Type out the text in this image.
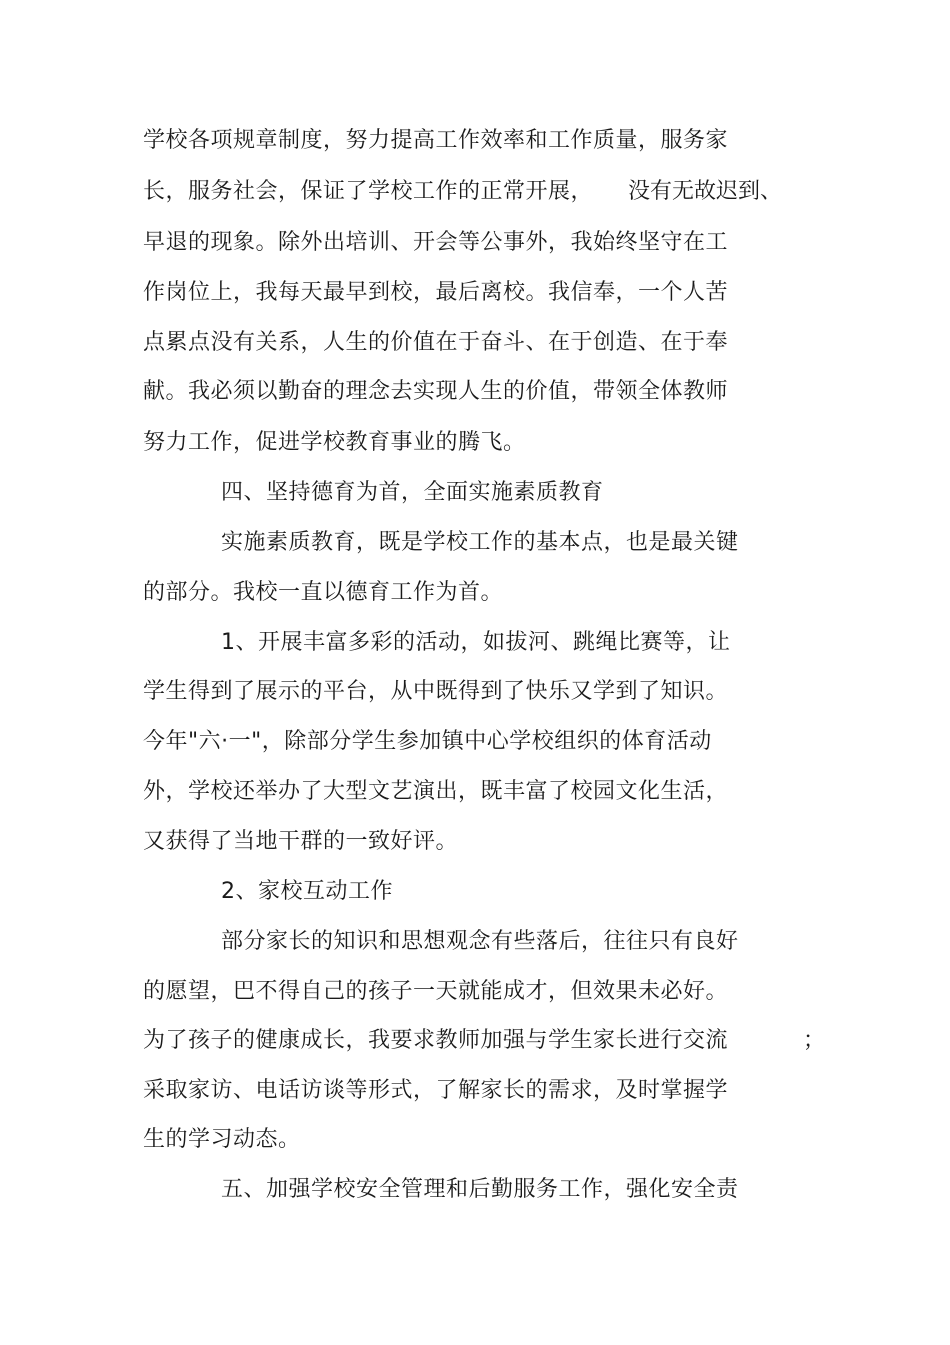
学校各项规章制度，努力提高工作效率和工作质量，服务家
长，服务社会，保证了学校工作的正常开展， 没有无故迟到、
早退的现象。除外出培训、开会等公事外，我始终坚守在工
作岗位上，我每天最早到校，最后离校。我信奉，一个人苦
点累点没有关系，人生的价值在于奋斗、在于创造、在于奉
献。我必须以勤奋的理念去实现人生的价值，带领全体教师
努力工作，促进学校教育事业的腾飞。
四、坚持德育为首，全面实施素质教育
实施素质教育，既是学校工作的基本点，也是最关键
的部分。我校一直以德育工作为首。
1、开展丰富多彩的活动，如拔河、跳绳比赛等，让
学生得到了展示的平台，从中既得到了快乐又学到了知识。
今年"六·一"，除部分学生参加镇中心学校组织的体育活动
外，学校还举办了大型文艺演出，既丰富了校园文化生活，
又获得了当地干群的一致好评。
2、家校互动工作
部分家长的知识和思想观念有些落后，往往只有良好
的愿望，巴不得自己的孩子一天就能成才，但效果未必好。
为了孩子的健康成长，我要求教师加强与学生家长进行交流	；
采取家访、电话访谈等形式，了解家长的需求，及时掌握学
生的学习动态。
五、加强学校安全管理和后勤服务工作，强化安全责
